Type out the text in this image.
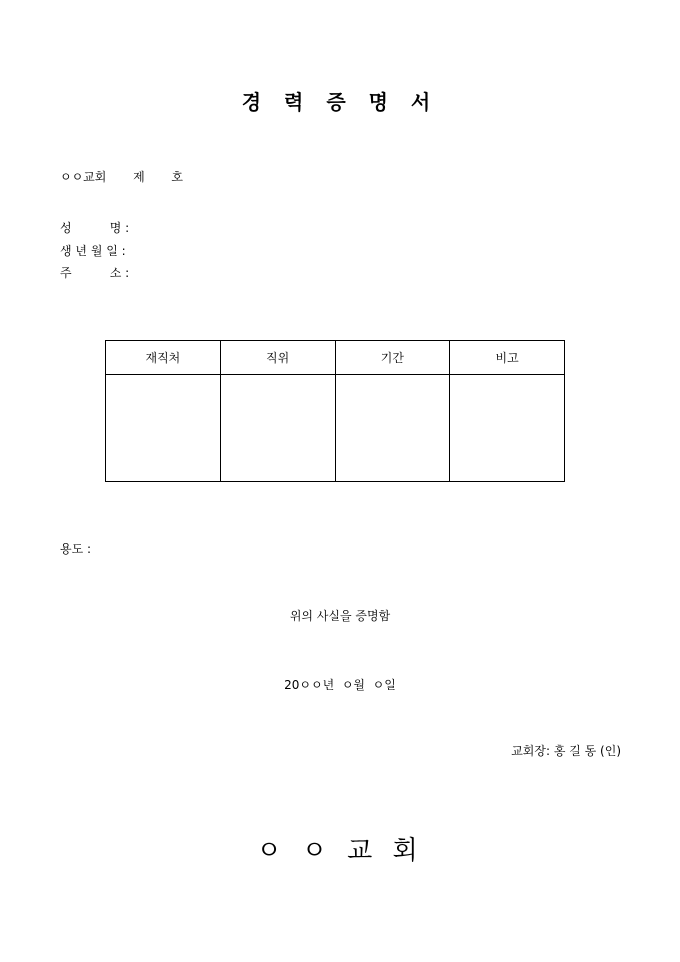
경 력 증 명 서
ㅇㅇ교회       제       호
성          명 :
생 년 월 일 :
주          소 :
재직처	직위	기간	비고

용도 :
위의 사실을 증명함
20ㅇㅇ년  ㅇ월  ㅇ일
교회장: 홍 길 동 (인)
ㅇ ㅇ 교 회
